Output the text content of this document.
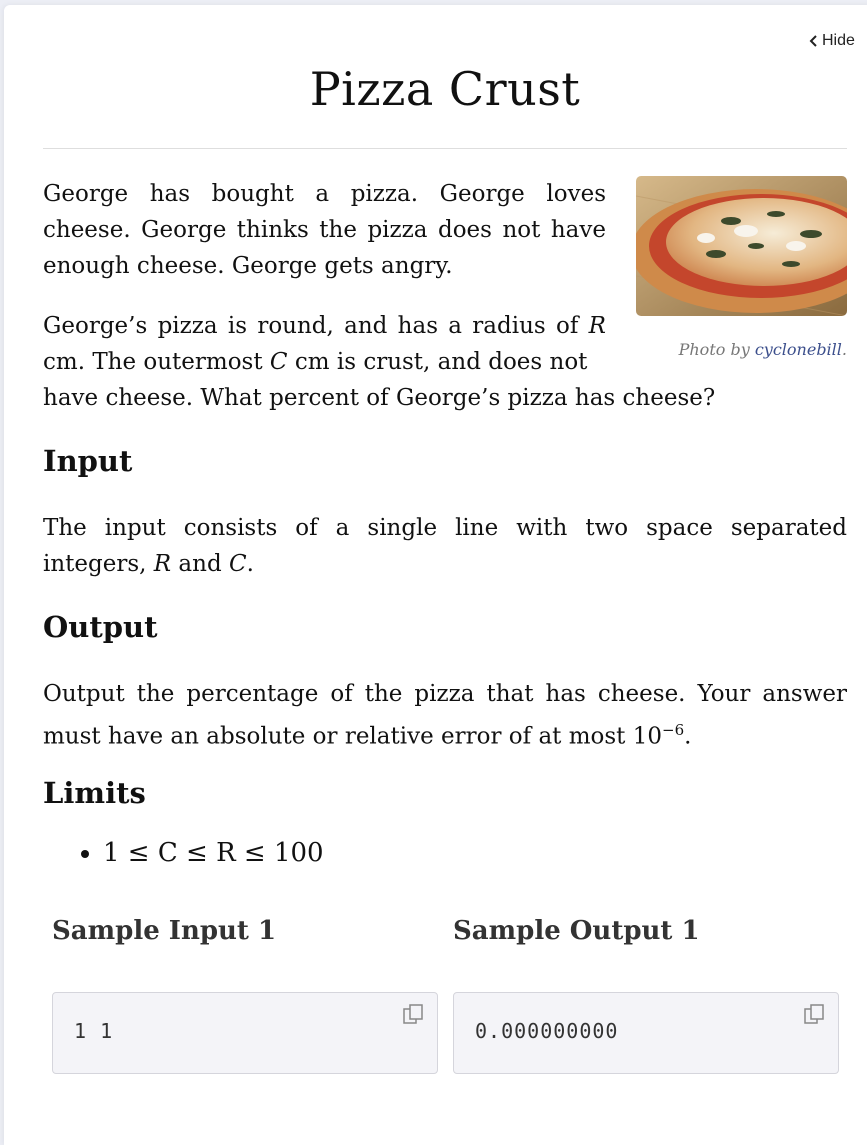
Hide
Pizza Crust
Photo by cyclonebill.

George has bought a pizza. George loves cheese. George thinks the pizza does not have enough cheese. George gets angry.

George’s pizza is round, and has a radius of R
cm. The outermost C cm is crust, and does not
have cheese. What percent of George’s pizza has cheese?
Input
The input consists of a single line with two space separated integers, R and C.
Output
Output the percentage of the pizza that has cheese. Your answer must have an absolute or relative error of at most $10^{-6}$.
Limits
• 1 ≤ C ≤ R ≤ 100
Sample Input 1	Sample Output 1
1 1	0.000000000
